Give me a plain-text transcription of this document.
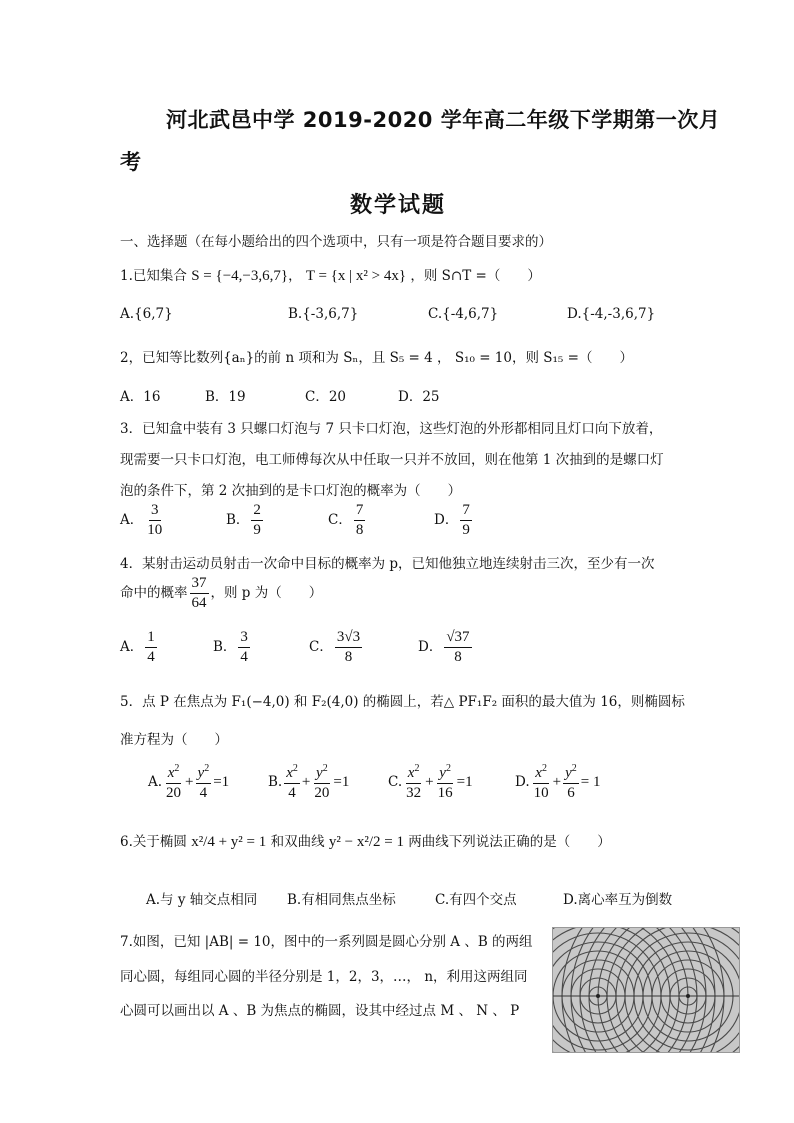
河北武邑中学 2019-2020 学年高二年级下学期第一次月
考
数学试题
一、选择题（在每小题给出的四个选项中，只有一项是符合题目要求的）
1.已知集合 S = {−4,−3,6,7}， T = {x | x² > 4x} ，则 S∩T =（　　）
A.{6,7}	B.{-3,6,7}	C.{-4,6,7}	D.{-4,-3,6,7}
2，已知等比数列{aₙ}的前 n 项和为 Sₙ，且 S₅ = 4 ， S₁₀ = 10，则 S₁₅ =（　　）
A．16	B．19	C．20	D．25
3．已知盒中装有 3 只螺口灯泡与 7 只卡口灯泡，这些灯泡的外形都相同且灯口向下放着，
现需要一只卡口灯泡，电工师傅每次从中任取一只并不放回，则在他第 1 次抽到的是螺口灯
泡的条件下，第 2 次抽到的是卡口灯泡的概率为（　　）
A． $\frac{3}{10}$	B． $\frac{2}{9}$	C． $\frac{7}{8}$	D． $\frac{7}{9}$
4．某射击运动员射击一次命中目标的概率为 p，已知他独立地连续射击三次，至少有一次
命中的概率 $\frac{37}{64}$ ，则 p 为（　　）
A． $\frac{1}{4}$	B． $\frac{3}{4}$	C． $\frac{3√3}{8}$	D． $\frac{√37}{8}$
5．点 P 在焦点为 F₁(−4,0) 和 F₂(4,0) 的椭圆上，若△ PF₁F₂ 面积的最大值为 16，则椭圆标
准方程为（　　）
A. $\frac{x^2}{20} + \frac{y^2}{4} =1$	B. $\frac{x^2}{4} + \frac{y^2}{20} =1$	C. $\frac{x^2}{32} + \frac{y^2}{16} =1$	D. $\frac{x^2}{10} + \frac{y^2}{6} = 1$
6.关于椭圆 x²/4 + y² = 1 和双曲线 y² − x²/2 = 1 两曲线下列说法正确的是（　　）
A.与 y 轴交点相同 B.有相同焦点坐标	C.有四个交点	D.离心率互为倒数
7.如图，已知 |AB| = 10，图中的一系列圆是圆心分别 A 、B 的两组
同心圆，每组同心圆的半径分别是 1，2，3，…， n，利用这两组同
心圆可以画出以 A 、B 为焦点的椭圆，设其中经过点 M 、 N 、 P
